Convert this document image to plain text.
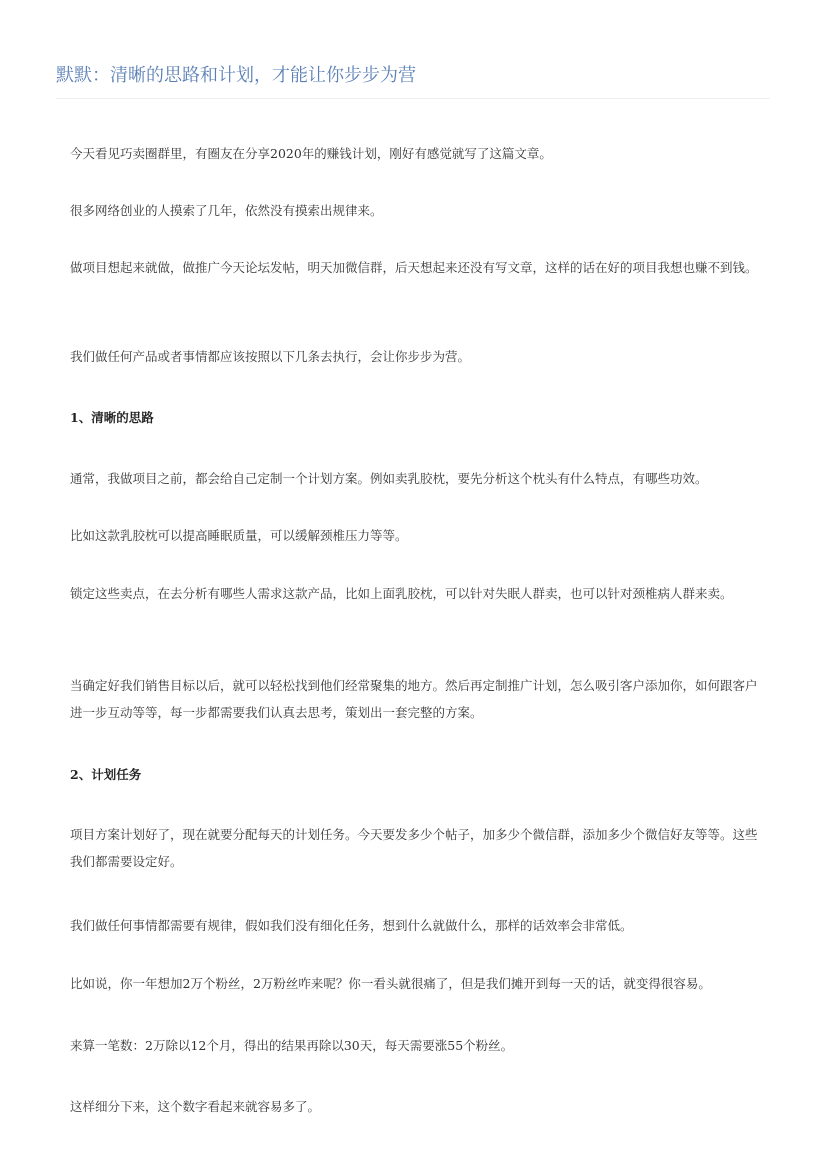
默默：清晰的思路和计划，才能让你步步为营

今天看见巧卖圈群里，有圈友在分享2020年的赚钱计划，刚好有感觉就写了这篇文章。

很多网络创业的人摸索了几年，依然没有摸索出规律来。

做项目想起来就做，做推广今天论坛发帖，明天加微信群，后天想起来还没有写文章，这样的话在好的项目我想也赚不到钱。

我们做任何产品或者事情都应该按照以下几条去执行，会让你步步为营。

1、清晰的思路

通常，我做项目之前，都会给自己定制一个计划方案。例如卖乳胶枕，要先分析这个枕头有什么特点，有哪些功效。

比如这款乳胶枕可以提高睡眠质量，可以缓解颈椎压力等等。

锁定这些卖点，在去分析有哪些人需求这款产品，比如上面乳胶枕，可以针对失眠人群卖，也可以针对颈椎病人群来卖。

当确定好我们销售目标以后，就可以轻松找到他们经常聚集的地方。然后再定制推广计划，怎么吸引客户添加你，如何跟客户进一步互动等等，每一步都需要我们认真去思考，策划出一套完整的方案。

2、计划任务

项目方案计划好了，现在就要分配每天的计划任务。今天要发多少个帖子，加多少个微信群，添加多少个微信好友等等。这些我们都需要设定好。

我们做任何事情都需要有规律，假如我们没有细化任务，想到什么就做什么，那样的话效率会非常低。

比如说，你一年想加2万个粉丝，2万粉丝咋来呢？你一看头就很痛了，但是我们摊开到每一天的话，就变得很容易。

来算一笔数：2万除以12个月，得出的结果再除以30天，每天需要涨55个粉丝。

这样细分下来，这个数字看起来就容易多了。
